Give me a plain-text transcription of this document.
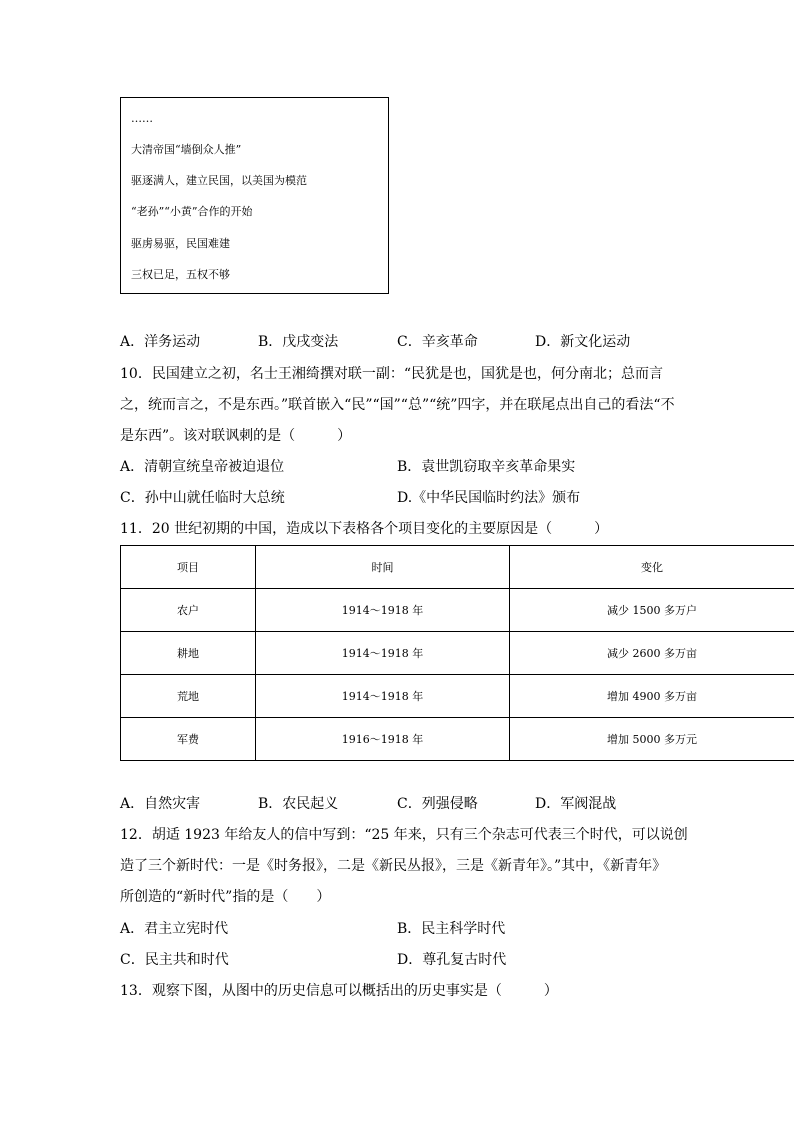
……
大清帝国“墙倒众人推”
驱逐满人，建立民国，以美国为模范
“老孙”“小黄”合作的开始
驱虏易驱，民国难建
三权已足，五权不够
A．洋务运动	B．戊戌变法	C．辛亥革命	D．新文化运动
10．民国建立之初，名士王湘绮撰对联一副：“民犹是也，国犹是也，何分南北；总而言
之，统而言之，不是东西。”联首嵌入“民”“国”“总”“统”四字，并在联尾点出自己的看法“不
是东西”。该对联讽刺的是（　　　）
A．清朝宣统皇帝被迫退位	B．袁世凯窃取辛亥革命果实
C．孙中山就任临时大总统	D.《中华民国临时约法》颁布
11．20 世纪初期的中国，造成以下表格各个项目变化的主要原因是（　　　）
项目	时间	变化
农户	1914～1918 年	减少 1500 多万户
耕地	1914～1918 年	减少 2600 多万亩
荒地	1914～1918 年	增加 4900 多万亩
军费	1916～1918 年	增加 5000 多万元
A．自然灾害	B．农民起义	C．列强侵略	D．军阀混战
12．胡适 1923 年给友人的信中写到：“25 年来，只有三个杂志可代表三个时代，可以说创
造了三个新时代：一是《时务报》，二是《新民丛报》，三是《新青年》。”其中，《新青年》
所创造的“新时代”指的是（　　）
A．君主立宪时代	B．民主科学时代
C．民主共和时代	D．尊孔复古时代
13．观察下图，从图中的历史信息可以概括出的历史事实是（　　　）
